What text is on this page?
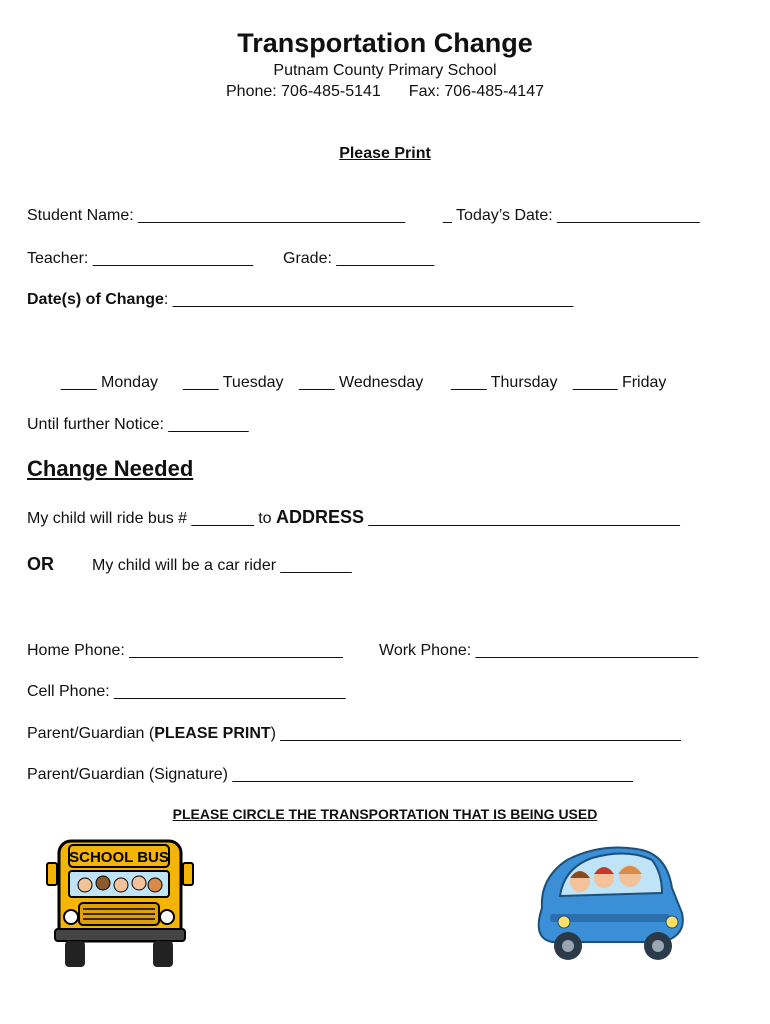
Transportation Change
Putnam County Primary School
Phone: 706-485-5141 Fax: 706-485-4147
Please Print
Student Name: ______________________________ _ Today’s Date: ________________
Teacher: __________________ Grade: ___________
Date(s) of Change: _____________________________________________
____ Monday ____ Tuesday ____ Wednesday ____ Thursday _____ Friday
Until further Notice: _________
Change Needed
My child will ride bus # _______ to ADDRESS ___________________________________
OR My child will be a car rider ________
Home Phone: ________________________ Work Phone: _________________________
Cell Phone: __________________________
Parent/Guardian (PLEASE PRINT) _____________________________________________
Parent/Guardian (Signature) _____________________________________________
PLEASE CIRCLE THE TRANSPORTATION THAT IS BEING USED
SCHOOL BUS
